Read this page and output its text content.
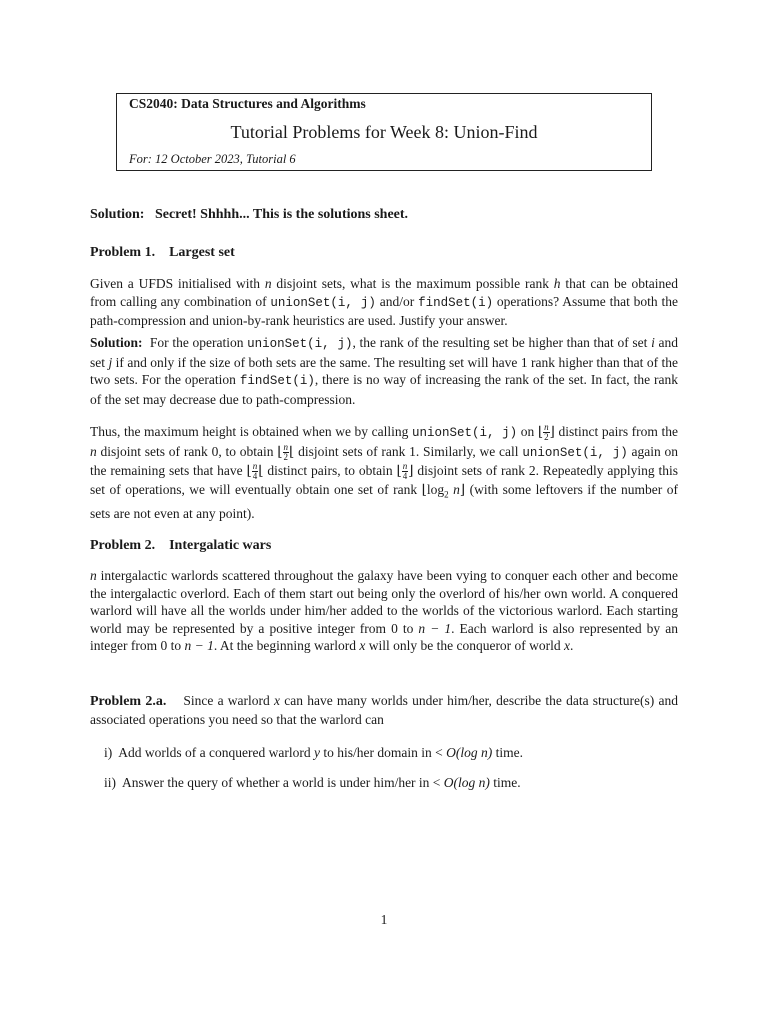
CS2040: Data Structures and Algorithms
Tutorial Problems for Week 8: Union-Find
For: 12 October 2023, Tutorial 6
Solution: Secret! Shhhh... This is the solutions sheet.
Problem 1. Largest set

Given a UFDS initialised with n disjoint sets, what is the maximum possible rank h that can be obtained from calling any combination of unionSet(i, j) and/or findSet(i) operations? Assume that both the path-compression and union-by-rank heuristics are used. Justify your answer.

Solution: For the operation unionSet(i, j), the rank of the resulting set be higher than that of set i and set j if and only if the size of both sets are the same. The resulting set will have 1 rank higher than that of the two sets. For the operation findSet(i), there is no way of increasing the rank of the set. In fact, the rank of the set may decrease due to path-compression.

Thus, the maximum height is obtained when we by calling unionSet(i, j) on ⌊ $\frac{n}{2}$ ⌋ distinct pairs from the n disjoint sets of rank 0, to obtain ⌊ $\frac{n}{2}$ ⌊ disjoint sets of rank 1. Similarly, we call unionSet(i, j) again on the remaining sets that have ⌊ $\frac{n}{4}$ ⌊ distinct pairs, to obtain ⌊ $\frac{n}{4}$ ⌋ disjoint sets of rank 2. Repeatedly applying this set of operations, we will eventually obtain one set of rank $⌊\log_2$ n⌋ (with some leftovers if the number of sets are not even at any point).

Problem 2. Intergalatic wars

n intergalactic warlords scattered throughout the galaxy have been vying to conquer each other and become the intergalactic overlord. Each of them start out being only the overlord of his/her own world. A conquered warlord will have all the worlds under him/her added to the worlds of the victorious warlord. Each starting world may be represented by a positive integer from 0 to n − 1. Each warlord is also represented by an integer from 0 to n − 1. At the beginning warlord x will only be the conqueror of world x.

Problem 2.a. Since a warlord x can have many worlds under him/her, describe the data structure(s) and associated operations you need so that the warlord can

i) Add worlds of a conquered warlord y to his/her domain in < O(log n) time.
ii) Answer the query of whether a world is under him/her in < O(log n) time.
1
